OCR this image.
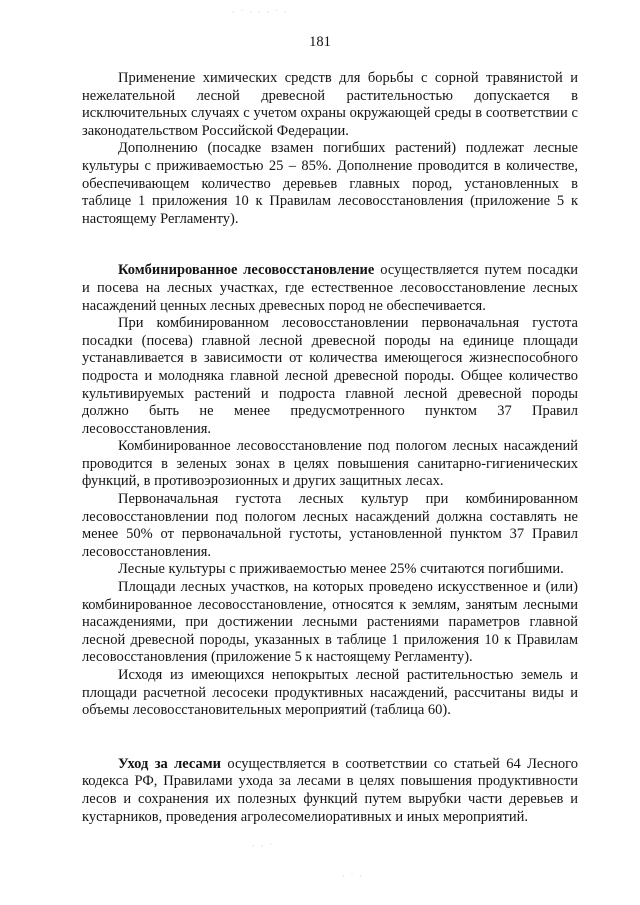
· ˙ · · · ˙ ·
181

Применение химических средств для борьбы с сорной травянистой и нежелательной лесной древесной растительностью допускается в исключительных случаях с учетом охраны окружающей среды в соответствии с законодательством Российской Федерации.

Дополнению (посадке взамен погибших растений) подлежат лесные культуры с приживаемостью 25 – 85%. Дополнение проводится в количестве, обеспечивающем количество деревьев главных пород, установленных в таблице 1 приложения 10 к Правилам лесовосстановления (приложение 5 к настоящему Регламенту).

Комбинированное лесовосстановление осуществляется путем посадки и посева на лесных участках, где естественное лесовосстановление лесных насаждений ценных лесных древесных пород не обеспечивается.

При комбинированном лесовосстановлении первоначальная густота посадки (посева) главной лесной древесной породы на единице площади устанавливается в зависимости от количества имеющегося жизнеспособного подроста и молодняка главной лесной древесной породы. Общее количество культивируемых растений и подроста главной лесной древесной породы должно быть не менее предусмотренного пунктом 37 Правил лесовосстановления.

Комбинированное лесовосстановление под пологом лесных насаждений проводится в зеленых зонах в целях повышения санитарно-гигиенических функций, в противоэрозионных и других защитных лесах.

Первоначальная густота лесных культур при комбинированном лесовосстановлении под пологом лесных насаждений должна составлять не менее 50% от первоначальной густоты, установленной пунктом 37 Правил лесовосстановления.

Лесные культуры с приживаемостью менее 25% считаются погибшими.

Площади лесных участков, на которых проведено искусственное и (или) комбинированное лесовосстановление, относятся к землям, занятым лесными насаждениями, при достижении лесными растениями параметров главной лесной древесной породы, указанных в таблице 1 приложения 10 к Правилам лесовосстановления (приложение 5 к настоящему Регламенту).

Исходя из имеющихся непокрытых лесной растительностью земель и площади расчетной лесосеки продуктивных насаждений, рассчитаны виды и объемы лесовосстановительных мероприятий (таблица 60).

Уход за лесами осуществляется в соответствии со статьей 64 Лесного кодекса РФ, Правилами ухода за лесами в целях повышения продуктивности лесов и сохранения их полезных функций путем вырубки части деревьев и кустарников, проведения агролесомелиоративных и иных мероприятий.

· · ˙
· ˙ ·
